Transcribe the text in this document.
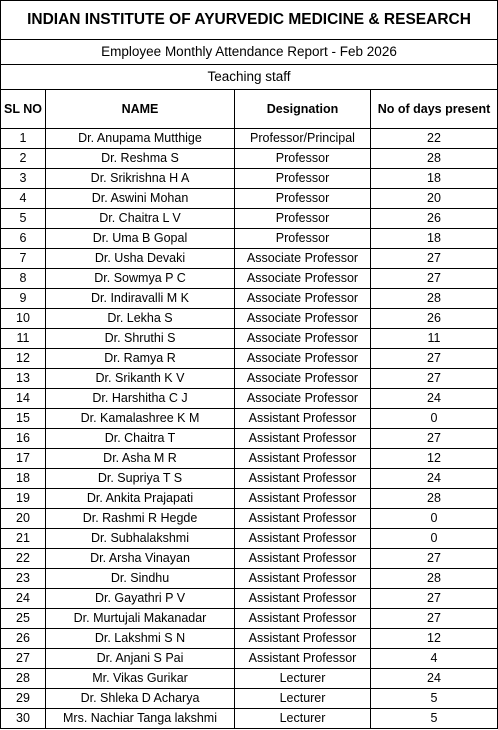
INDIAN INSTITUTE OF AYURVEDIC MEDICINE & RESEARCH			
Employee Monthly Attendance Report - Feb 2026			
Teaching staff			
SL NO	NAME	Designation	No of days present
1	Dr. Anupama Mutthige	Professor/Principal	22
2	Dr. Reshma S	Professor	28
3	Dr. Srikrishna H A	Professor	18
4	Dr. Aswini Mohan	Professor	20
5	Dr. Chaitra L V	Professor	26
6	Dr. Uma B Gopal	Professor	18
7	Dr. Usha Devaki	Associate Professor	27
8	Dr. Sowmya P C	Associate Professor	27
9	Dr. Indiravalli M K	Associate Professor	28
10	Dr. Lekha S	Associate Professor	26
11	Dr. Shruthi S	Associate Professor	11
12	Dr. Ramya R	Associate Professor	27
13	Dr. Srikanth K V	Associate Professor	27
14	Dr. Harshitha C J	Associate Professor	24
15	Dr. Kamalashree K M	Assistant Professor	0
16	Dr. Chaitra T	Assistant Professor	27
17	Dr. Asha M R	Assistant Professor	12
18	Dr. Supriya T S	Assistant Professor	24
19	Dr. Ankita Prajapati	Assistant Professor	28
20	Dr. Rashmi R Hegde	Assistant Professor	0
21	Dr. Subhalakshmi	Assistant Professor	0
22	Dr. Arsha Vinayan	Assistant Professor	27
23	Dr. Sindhu	Assistant Professor	28
24	Dr. Gayathri P V	Assistant Professor	27
25	Dr. Murtujali Makanadar	Assistant Professor	27
26	Dr. Lakshmi S N	Assistant Professor	12
27	Dr. Anjani S Pai	Assistant Professor	4
28	Mr. Vikas Gurikar	Lecturer	24
29	Dr. Shleka D Acharya	Lecturer	5
30	Mrs. Nachiar Tanga lakshmi	Lecturer	5
